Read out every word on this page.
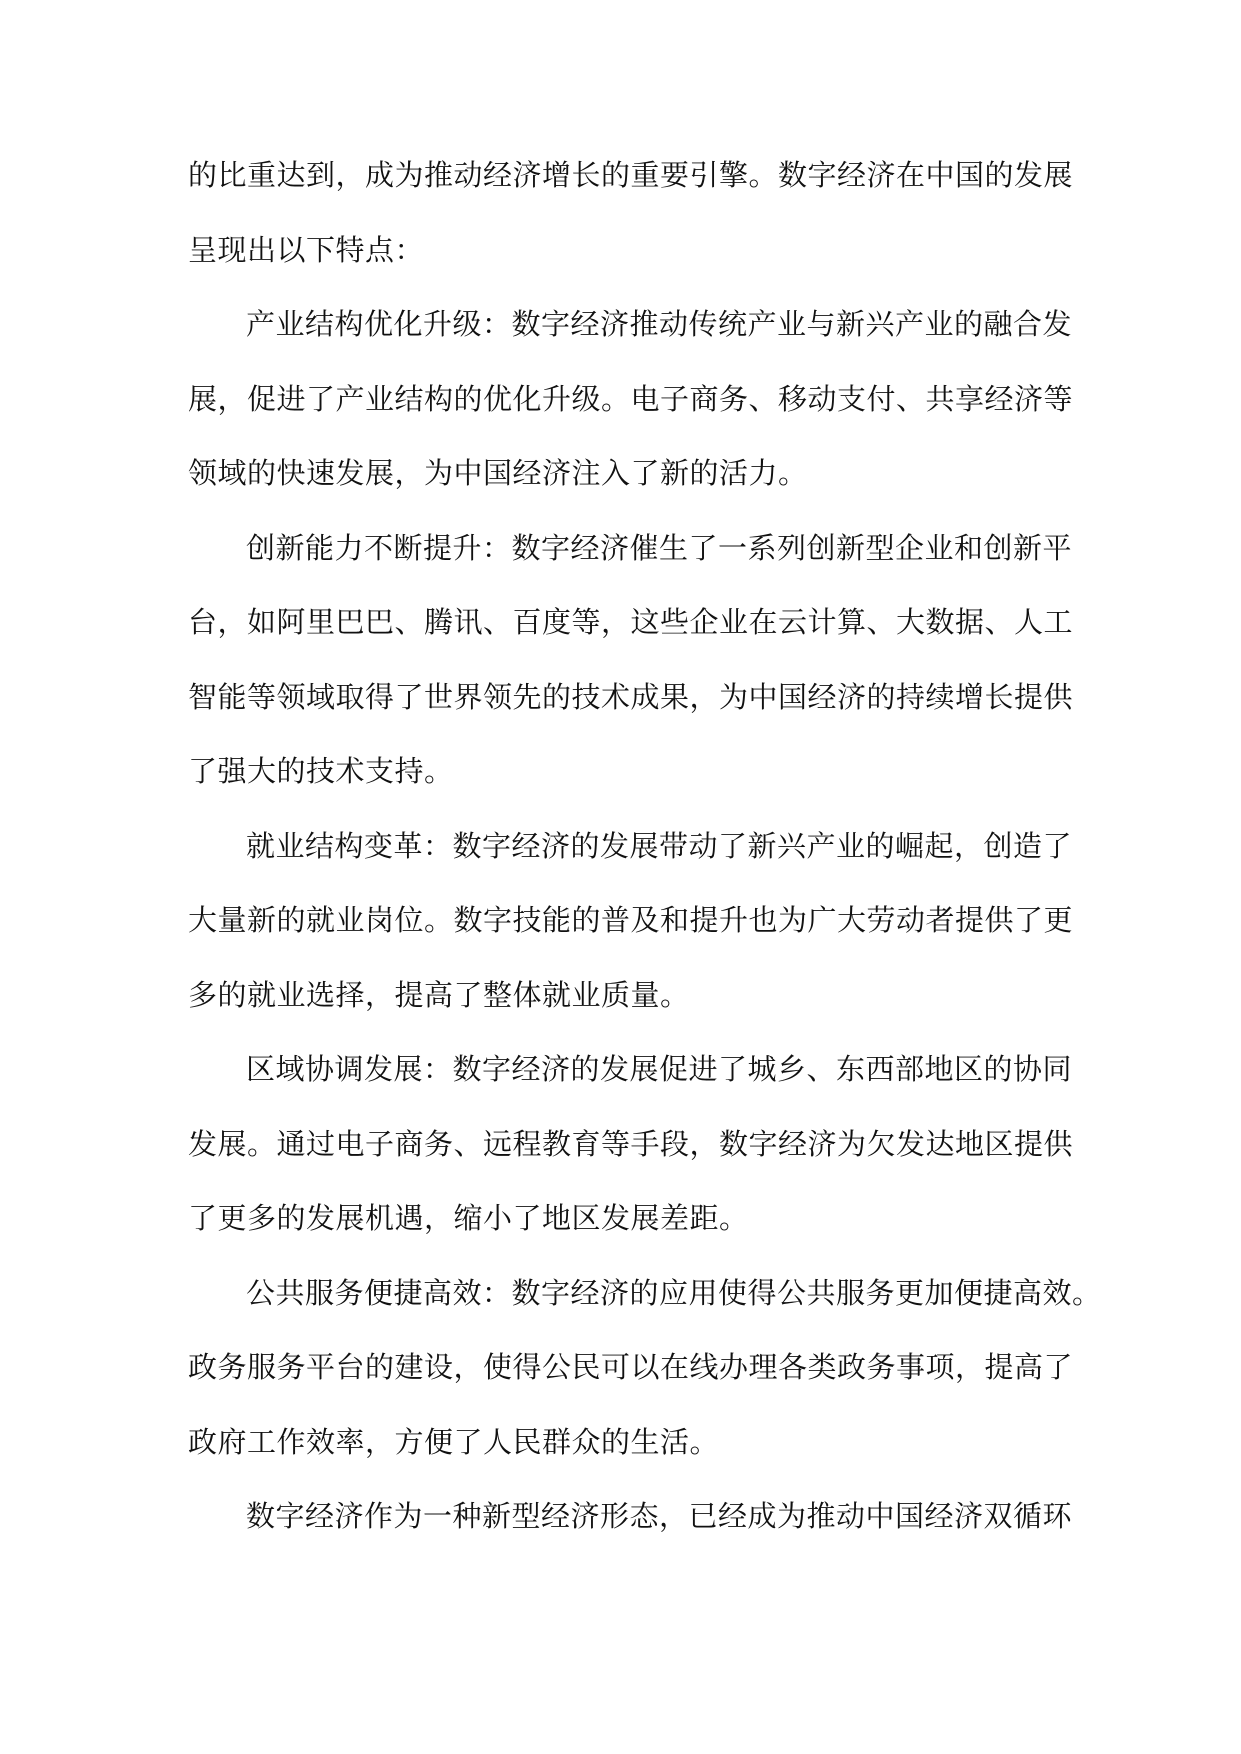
的比重达到，成为推动经济增长的重要引擎。数字经济在中国的发展
呈现出以下特点：
产业结构优化升级：数字经济推动传统产业与新兴产业的融合发
展，促进了产业结构的优化升级。电子商务、移动支付、共享经济等
领域的快速发展，为中国经济注入了新的活力。
创新能力不断提升：数字经济催生了一系列创新型企业和创新平
台，如阿里巴巴、腾讯、百度等，这些企业在云计算、大数据、人工
智能等领域取得了世界领先的技术成果，为中国经济的持续增长提供
了强大的技术支持。
就业结构变革：数字经济的发展带动了新兴产业的崛起，创造了
大量新的就业岗位。数字技能的普及和提升也为广大劳动者提供了更
多的就业选择，提高了整体就业质量。
区域协调发展：数字经济的发展促进了城乡、东西部地区的协同
发展。通过电子商务、远程教育等手段，数字经济为欠发达地区提供
了更多的发展机遇，缩小了地区发展差距。
公共服务便捷高效：数字经济的应用使得公共服务更加便捷高效。
政务服务平台的建设，使得公民可以在线办理各类政务事项，提高了
政府工作效率，方便了人民群众的生活。
数字经济作为一种新型经济形态，已经成为推动中国经济双循环
